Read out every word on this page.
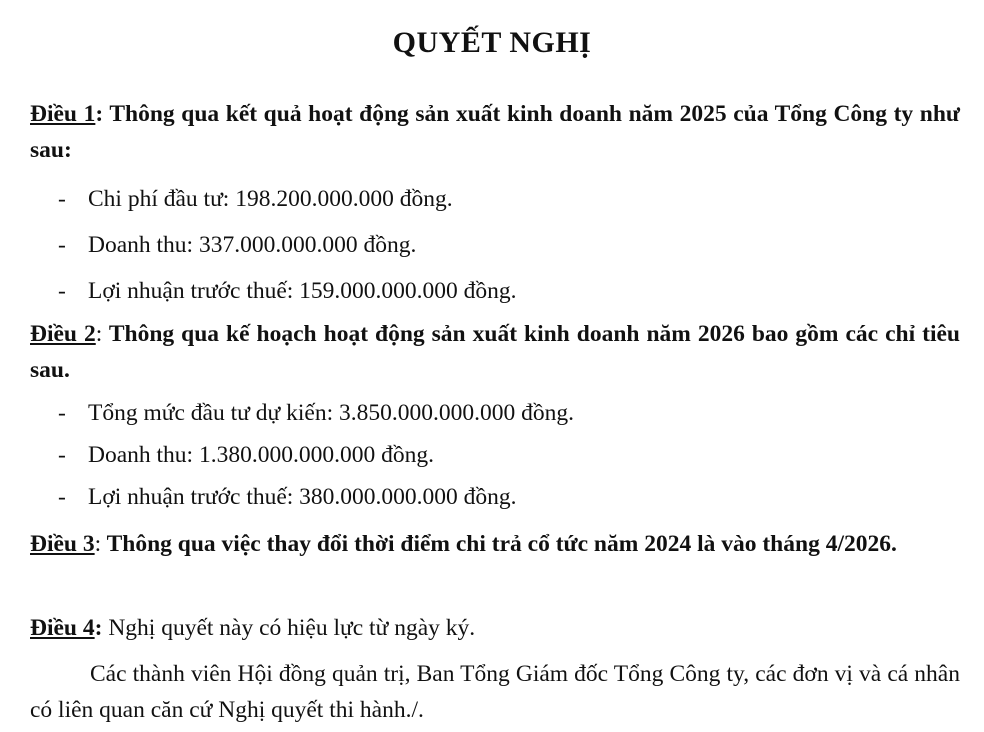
QUYẾT NGHỊ

Điều 1: Thông qua kết quả hoạt động sản xuất kinh doanh năm 2025 của Tổng Công ty như sau:

- Chi phí đầu tư: 198.200.000.000 đồng.

- Doanh thu: 337.000.000.000 đồng.

- Lợi nhuận trước thuế: 159.000.000.000 đồng.

Điều 2: Thông qua kế hoạch hoạt động sản xuất kinh doanh năm 2026 bao gồm các chỉ tiêu sau.

- Tổng mức đầu tư dự kiến: 3.850.000.000.000 đồng.

- Doanh thu: 1.380.000.000.000 đồng.

- Lợi nhuận trước thuế: 380.000.000.000 đồng.

Điều 3: Thông qua việc thay đổi thời điểm chi trả cổ tức năm 2024 là vào tháng 4/2026.

Điều 4: Nghị quyết này có hiệu lực từ ngày ký.

Các thành viên Hội đồng quản trị, Ban Tổng Giám đốc Tổng Công ty, các đơn vị và cá nhân có liên quan căn cứ Nghị quyết thi hành./.
